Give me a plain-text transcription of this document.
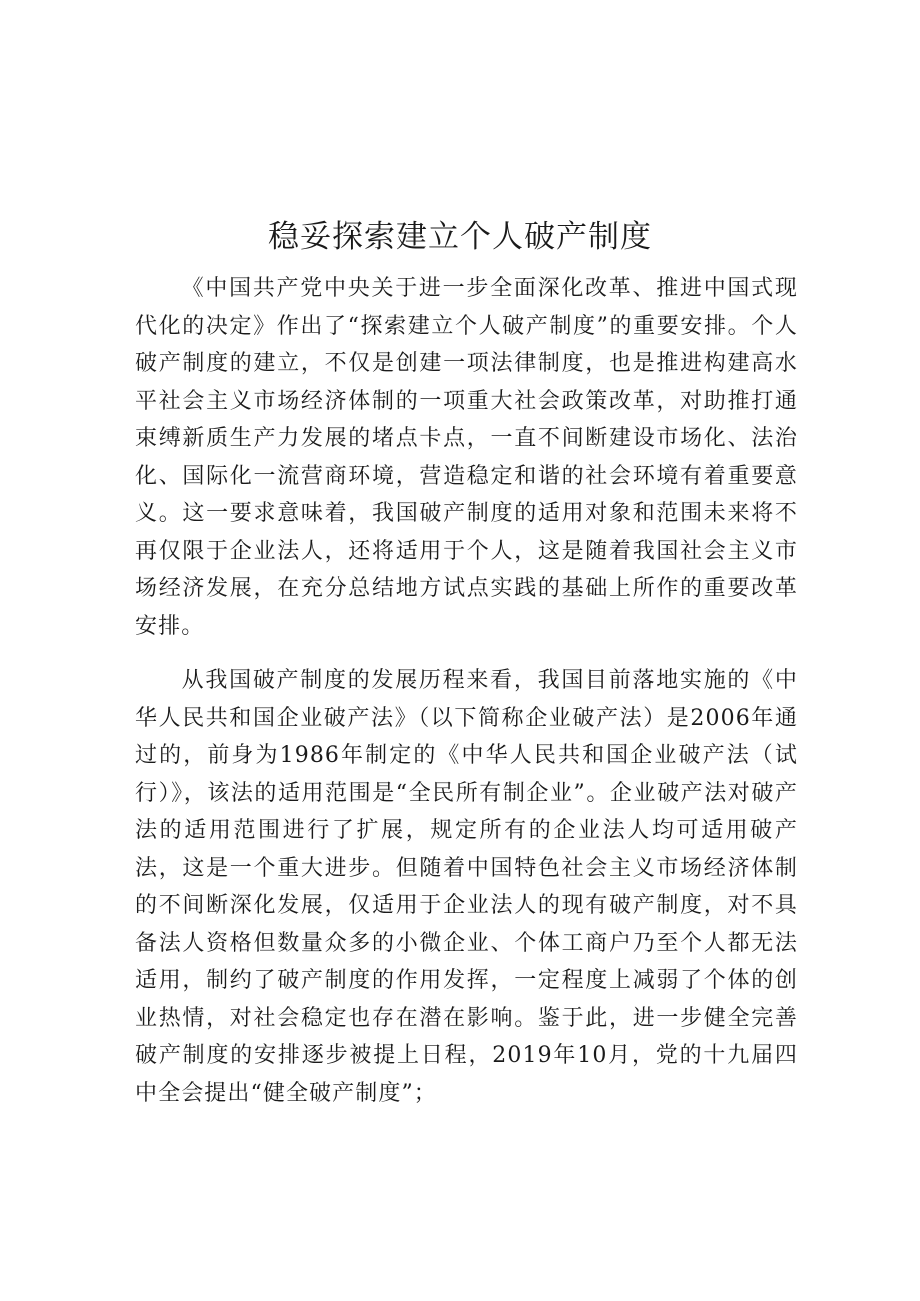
稳妥探索建立个人破产制度

《中国共产党中央关于进一步全面深化改革、推进中国式现代化的决定》作出了“探索建立个人破产制度”的重要安排。个人破产制度的建立，不仅是创建一项法律制度，也是推进构建高水平社会主义市场经济体制的一项重大社会政策改革，对助推打通束缚新质生产力发展的堵点卡点，一直不间断建设市场化、法治化、国际化一流营商环境，营造稳定和谐的社会环境有着重要意义。这一要求意味着，我国破产制度的适用对象和范围未来将不再仅限于企业法人，还将适用于个人，这是随着我国社会主义市场经济发展，在充分总结地方试点实践的基础上所作的重要改革安排。

从我国破产制度的发展历程来看，我国目前落地实施的《中华人民共和国企业破产法》（以下简称企业破产法）是2006年通过的，前身为1986年制定的《中华人民共和国企业破产法（试行）》，该法的适用范围是“全民所有制企业”。企业破产法对破产法的适用范围进行了扩展，规定所有的企业法人均可适用破产法，这是一个重大进步。但随着中国特色社会主义市场经济体制的不间断深化发展，仅适用于企业法人的现有破产制度，对不具备法人资格但数量众多的小微企业、个体工商户乃至个人都无法适用，制约了破产制度的作用发挥，一定程度上减弱了个体的创业热情，对社会稳定也存在潜在影响。鉴于此，进一步健全完善破产制度的安排逐步被提上日程，2019年10月，党的十九届四中全会提出“健全破产制度”；
